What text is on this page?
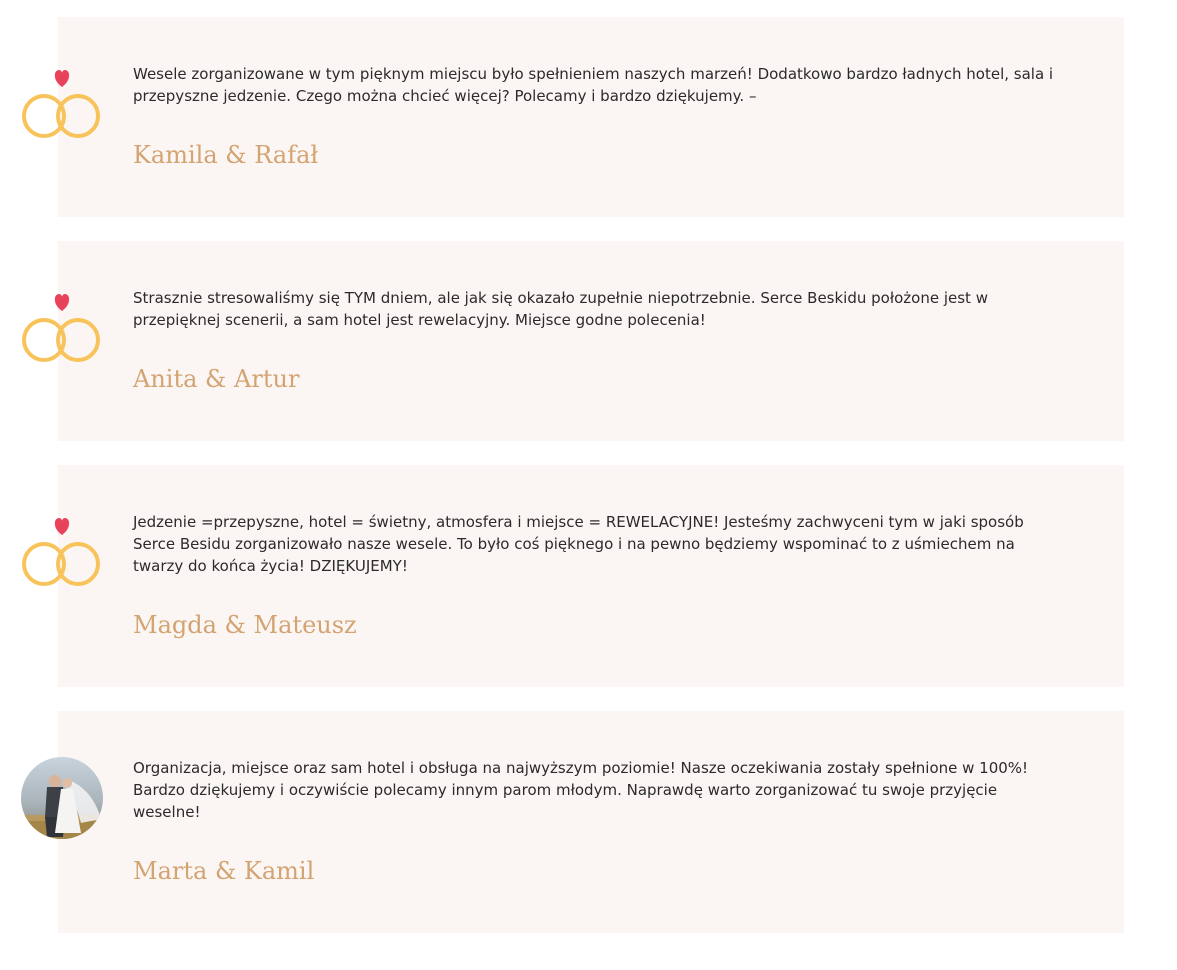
Wesele zorganizowane w tym pięknym miejscu było spełnieniem naszych marzeń! Dodatkowo bardzo ładnych hotel, sala i przepyszne jedzenie. Czego można chcieć więcej? Polecamy i bardzo dziękujemy. –

Kamila & Rafał

Strasznie stresowaliśmy się TYM dniem, ale jak się okazało zupełnie niepotrzebnie. Serce Beskidu położone jest w przepięknej scenerii, a sam hotel jest rewelacyjny. Miejsce godne polecenia!

Anita & Artur

Jedzenie =przepyszne, hotel = świetny, atmosfera i miejsce = REWELACYJNE! Jesteśmy zachwyceni tym w jaki sposób Serce Besidu zorganizowało nasze wesele. To było coś pięknego i na pewno będziemy wspominać to z uśmiechem na twarzy do końca życia! DZIĘKUJEMY!

Magda & Mateusz

Organizacja, miejsce oraz sam hotel i obsługa na najwyższym poziomie! Nasze oczekiwania zostały spełnione w 100%! Bardzo dziękujemy i oczywiście polecamy innym parom młodym. Naprawdę warto zorganizować tu swoje przyjęcie weselne!

Marta & Kamil
